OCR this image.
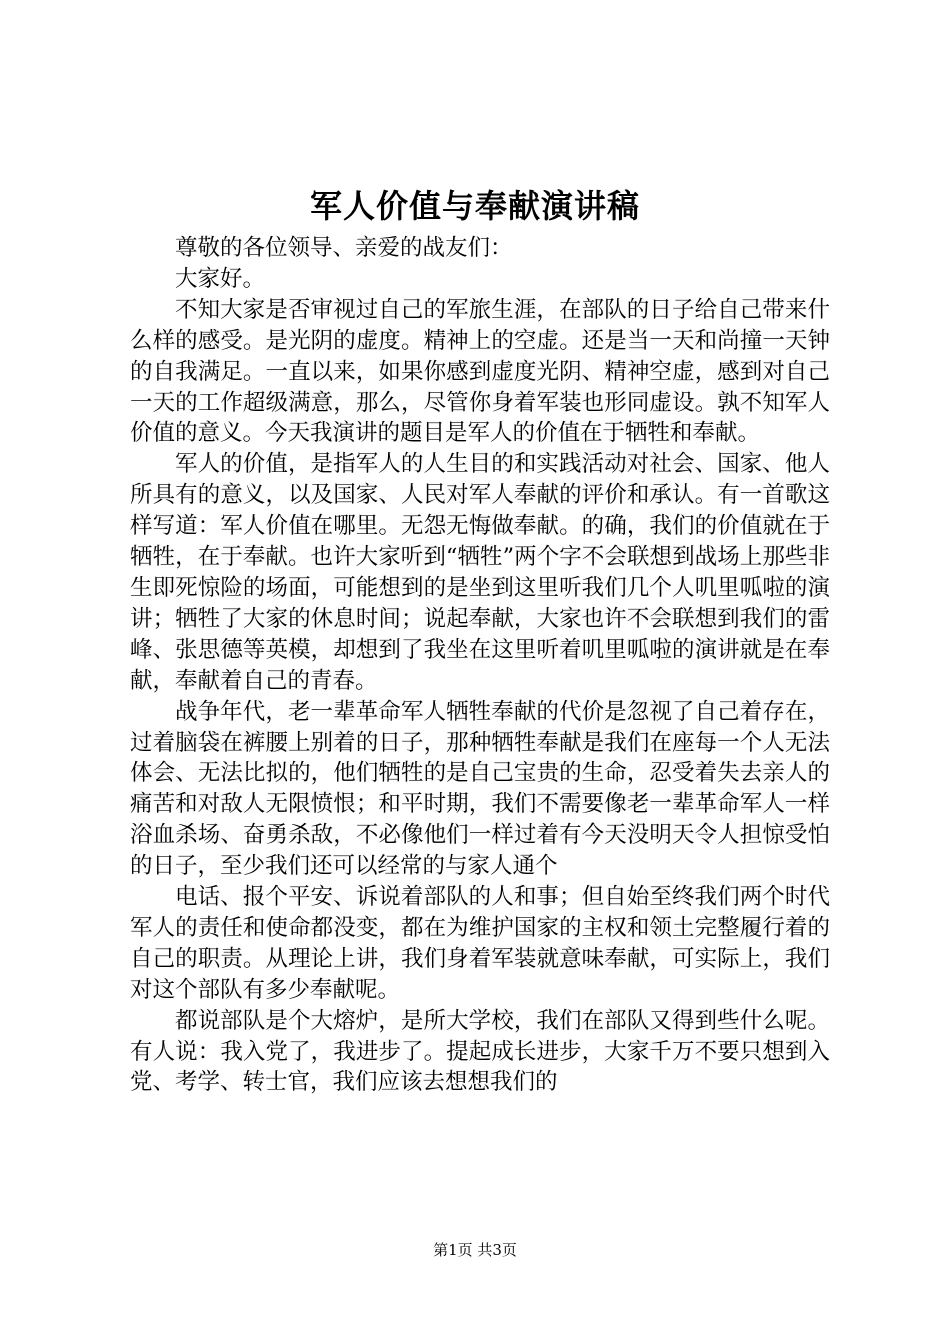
军人价值与奉献演讲稿

尊敬的各位领导、亲爱的战友们：

大家好。

不知大家是否审视过自己的军旅生涯，在部队的日子给自己带来什么样的感受。是光阴的虚度。精神上的空虚。还是当一天和尚撞一天钟的自我满足。一直以来，如果你感到虚度光阴、精神空虚，感到对自己一天的工作超级满意，那么，尽管你身着军装也形同虚设。孰不知军人价值的意义。今天我演讲的题目是军人的价值在于牺牲和奉献。

军人的价值，是指军人的人生目的和实践活动对社会、国家、他人所具有的意义，以及国家、人民对军人奉献的评价和承认。有一首歌这样写道：军人价值在哪里。无怨无悔做奉献。的确，我们的价值就在于牺牲，在于奉献。也许大家听到“牺牲”两个字不会联想到战场上那些非生即死惊险的场面，可能想到的是坐到这里听我们几个人叽里呱啦的演讲；牺牲了大家的休息时间；说起奉献，大家也许不会联想到我们的雷峰、张思德等英模，却想到了我坐在这里听着叽里呱啦的演讲就是在奉献，奉献着自己的青春。

战争年代，老一辈革命军人牺牲奉献的代价是忽视了自己着存在，过着脑袋在裤腰上别着的日子，那种牺牲奉献是我们在座每一个人无法体会、无法比拟的，他们牺牲的是自己宝贵的生命，忍受着失去亲人的痛苦和对敌人无限愤恨；和平时期，我们不需要像老一辈革命军人一样浴血杀场、奋勇杀敌，不必像他们一样过着有今天没明天令人担惊受怕的日子，至少我们还可以经常的与家人通个

电话、报个平安、诉说着部队的人和事；但自始至终我们两个时代军人的责任和使命都没变，都在为维护国家的主权和领土完整履行着的自己的职责。从理论上讲，我们身着军装就意味奉献，可实际上，我们对这个部队有多少奉献呢。

都说部队是个大熔炉，是所大学校，我们在部队又得到些什么呢。有人说：我入党了，我进步了。提起成长进步，大家千万不要只想到入党、考学、转士官，我们应该去想想我们的

第1页 共3页
